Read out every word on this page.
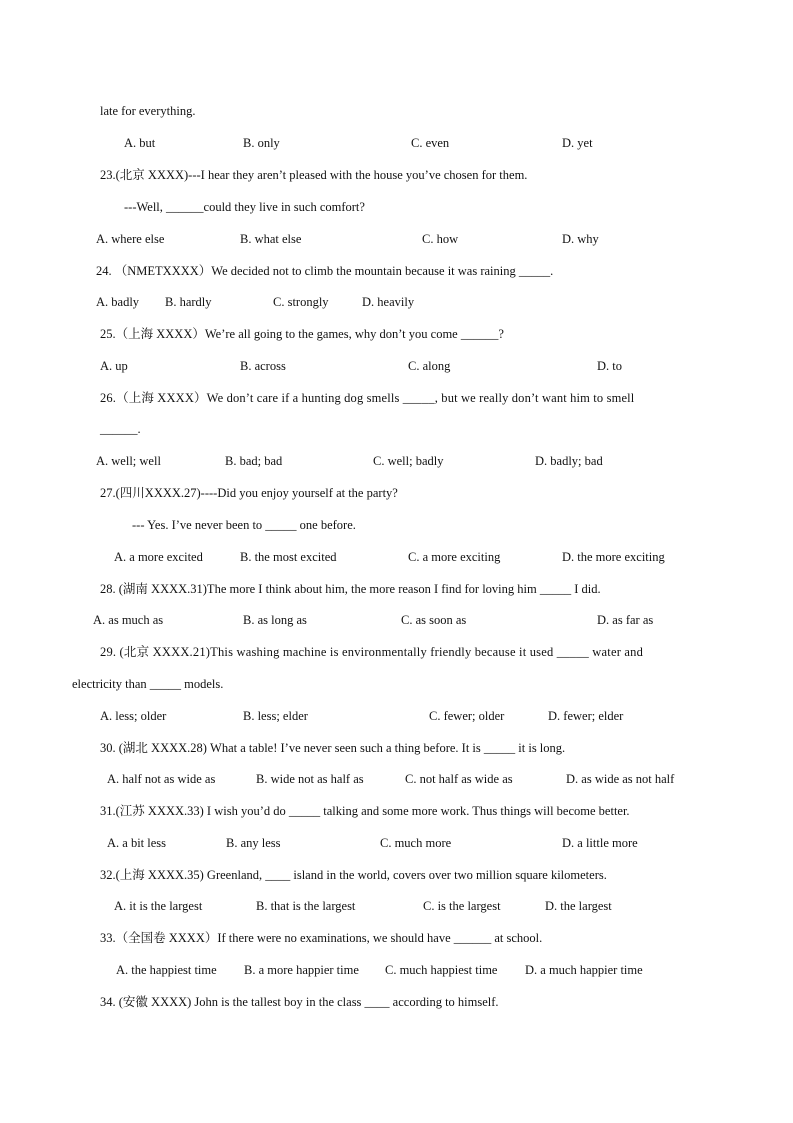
late for everything.
A. but	B. only	C. even	D. yet
23.(北京 XXXX)---I hear they aren’t pleased with the house you’ve chosen for them.
---Well, ______could they live in such comfort?
A. where else	B. what else	C. how	D. why
24. （NMETXXXX）We decided not to climb the mountain because it was raining _____.
A. badly B. hardly	C. strongly	D. heavily
25.（上海 XXXX）We’re all going to the games, why don’t you come ______?
A. up	B. across	C. along	D. to
26.（上海 XXXX）We don’t care if a hunting dog smells _____, but we really don’t want him to smell
______.
A. well; well	B. bad; bad	C. well; badly	D. badly; bad
27.(四川XXXX.27)----Did you enjoy yourself at the party?
--- Yes. I’ve never been to _____ one before.
A. a more excited	B. the most excited	C. a more exciting	D. the more exciting
28. (湖南 XXXX.31)The more I think about him, the more reason I find for loving him _____ I did.
A. as much as	B. as long as	C. as soon as	D. as far as
29. (北京 XXXX.21)This washing machine is environmentally friendly because it used _____ water and
electricity than _____ models.
A. less; older	B. less; elder	C. fewer; older	D. fewer; elder
30. (湖北 XXXX.28) What a table! I’ve never seen such a thing before. It is _____ it is long.
A. half not as wide as	B. wide not as half as	C. not half as wide as	D. as wide as not half
31.(江苏 XXXX.33) I wish you’d do _____ talking and some more work. Thus things will become better.
A. a bit less	B. any less	C. much more	D. a little more
32.(上海 XXXX.35) Greenland, ____ island in the world, covers over two million square kilometers.
A. it is the largest	B. that is the largest	C. is the largest	D. the largest
33.（全国卷 XXXX）If there were no examinations, we should have ______ at school.
A. the happiest time B. a more happier time C. much happiest time D. a much happier time
34. (安徽 XXXX) John is the tallest boy in the class ____ according to himself.
